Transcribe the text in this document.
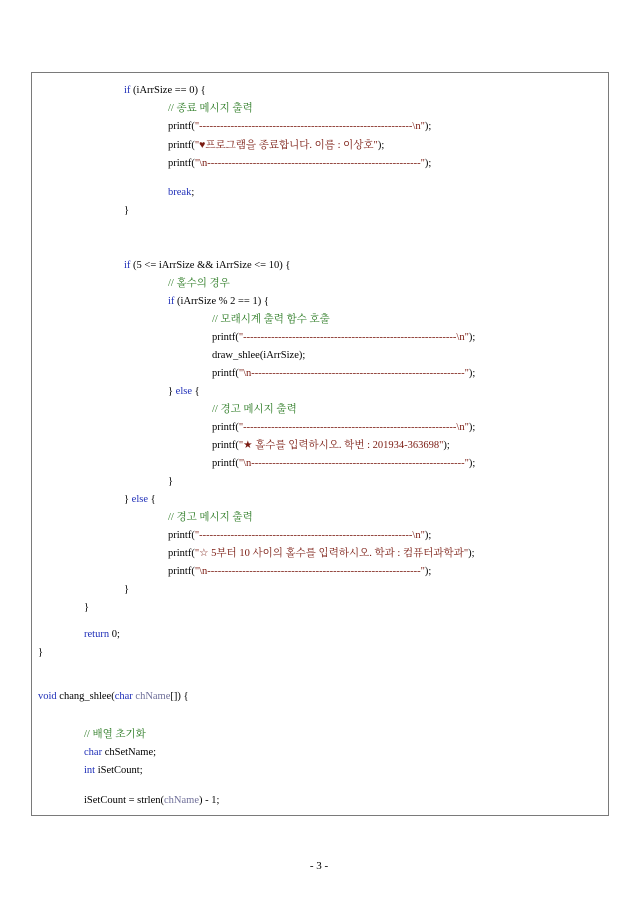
if (iArrSize == 0) {
// 종료 메시지 출력
printf("-------------------------------------------------------------\n");
printf("♥프로그램을 종료합니다. 이름 : 이상호");
printf("\n-------------------------------------------------------------");
break;
}
if (5 <= iArrSize && iArrSize <= 10) {
// 홀수의 경우
if (iArrSize % 2 == 1) {
// 모래시계 출력 함수 호출
printf("-------------------------------------------------------------\n");
draw_shlee(iArrSize);
printf("\n-------------------------------------------------------------");
} else {
// 경고 메시지 출력
printf("-------------------------------------------------------------\n");
printf("★ 홀수를 입력하시오. 학번 : 201934-363698");
printf("\n-------------------------------------------------------------");
}
} else {
// 경고 메시지 출력
printf("-------------------------------------------------------------\n");
printf("☆ 5부터 10 사이의 홀수를 입력하시오. 학과 : 컴퓨터과학과");
printf("\n-------------------------------------------------------------");
}
}
return 0;
}
void chang_shlee(char chName[]) {
// 배열 초기화
char chSetName;
int iSetCount;
iSetCount = strlen(chName) - 1;
- 3 -
